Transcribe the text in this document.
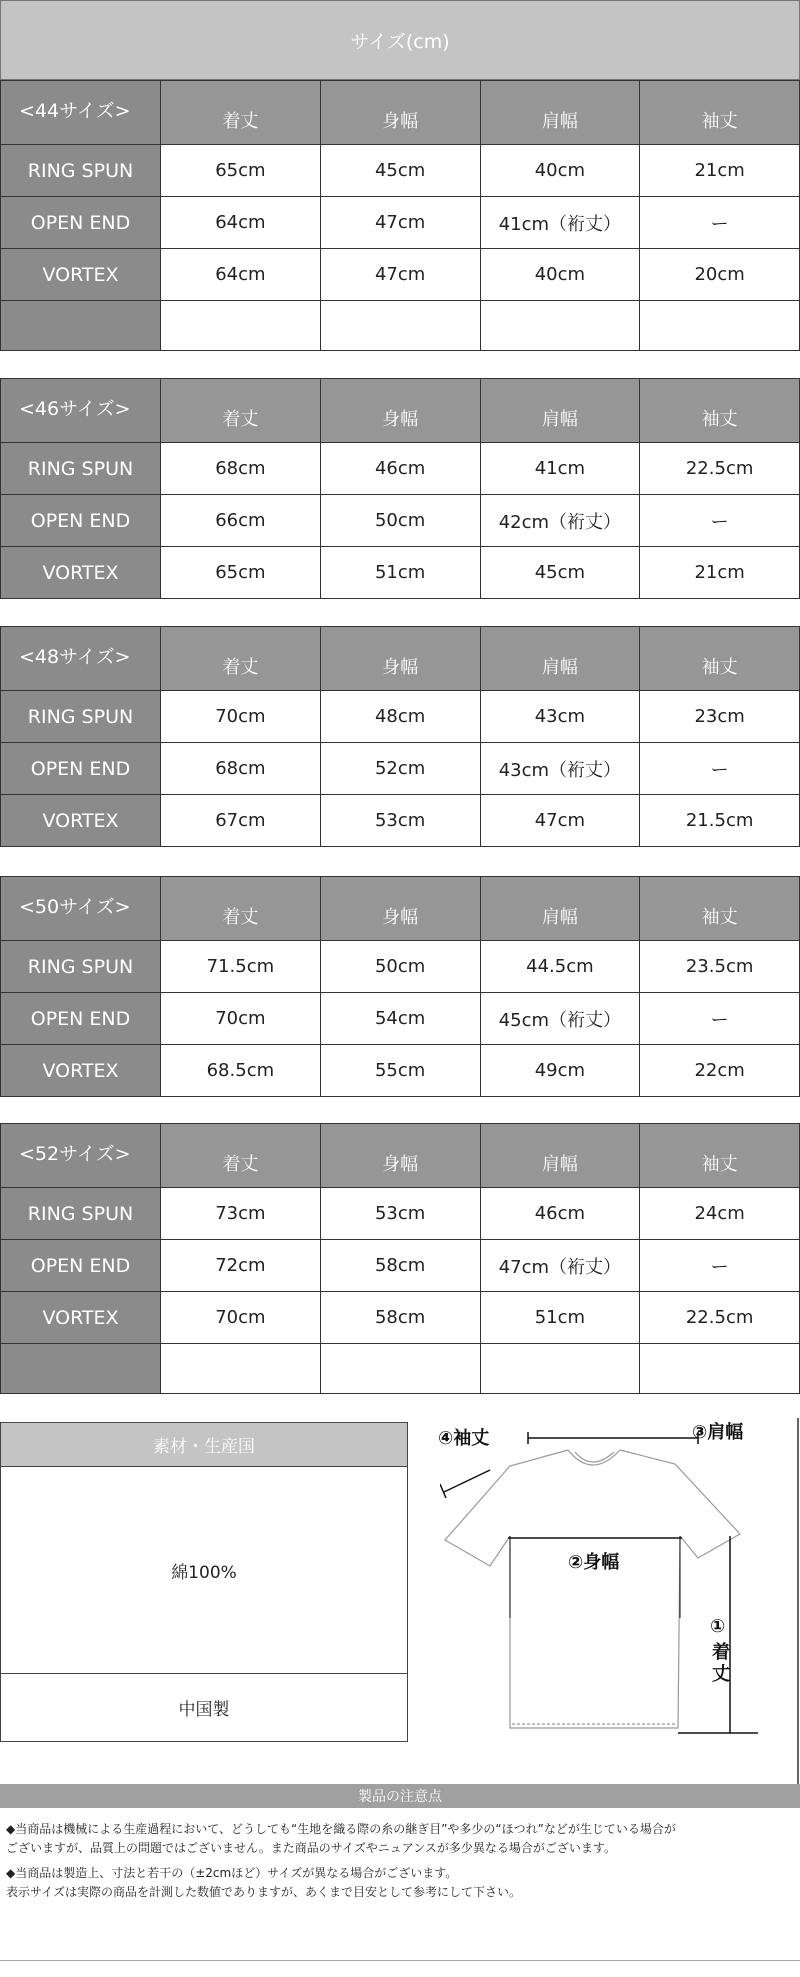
サイズ(cm)
<44サイズ>	着丈	身幅	肩幅	袖丈
RING SPUN	65cm	45cm	40cm	21cm
OPEN END	64cm	47cm	41cm（裄丈）	ー
VORTEX	64cm	47cm	40cm	20cm

<46サイズ>	着丈	身幅	肩幅	袖丈
RING SPUN	68cm	46cm	41cm	22.5cm
OPEN END	66cm	50cm	42cm（裄丈）	ー
VORTEX	65cm	51cm	45cm	21cm
<48サイズ>	着丈	身幅	肩幅	袖丈
RING SPUN	70cm	48cm	43cm	23cm
OPEN END	68cm	52cm	43cm（裄丈）	ー
VORTEX	67cm	53cm	47cm	21.5cm
<50サイズ>	着丈	身幅	肩幅	袖丈
RING SPUN	71.5cm	50cm	44.5cm	23.5cm
OPEN END	70cm	54cm	45cm（裄丈）	ー
VORTEX	68.5cm	55cm	49cm	22cm
<52サイズ>	着丈	身幅	肩幅	袖丈
RING SPUN	73cm	53cm	46cm	24cm
OPEN END	72cm	58cm	47cm（裄丈）	ー
VORTEX	70cm	58cm	51cm	22.5cm

素材・生産国
綿100%
中国製
④袖丈	③肩幅
②身幅
①
着
丈
製品の注意点
◆当商品は機械による生産過程において、どうしても“生地を織る際の糸の継ぎ目”や多少の“ほつれ”などが生じている場合が
ございますが、品質上の問題ではございません。また商品のサイズやニュアンスが多少異なる場合がございます。
◆当商品は製造上、寸法と若干の（±2cmほど）サイズが異なる場合がございます。
表示サイズは実際の商品を計測した数値でありますが、あくまで目安として参考にして下さい。
